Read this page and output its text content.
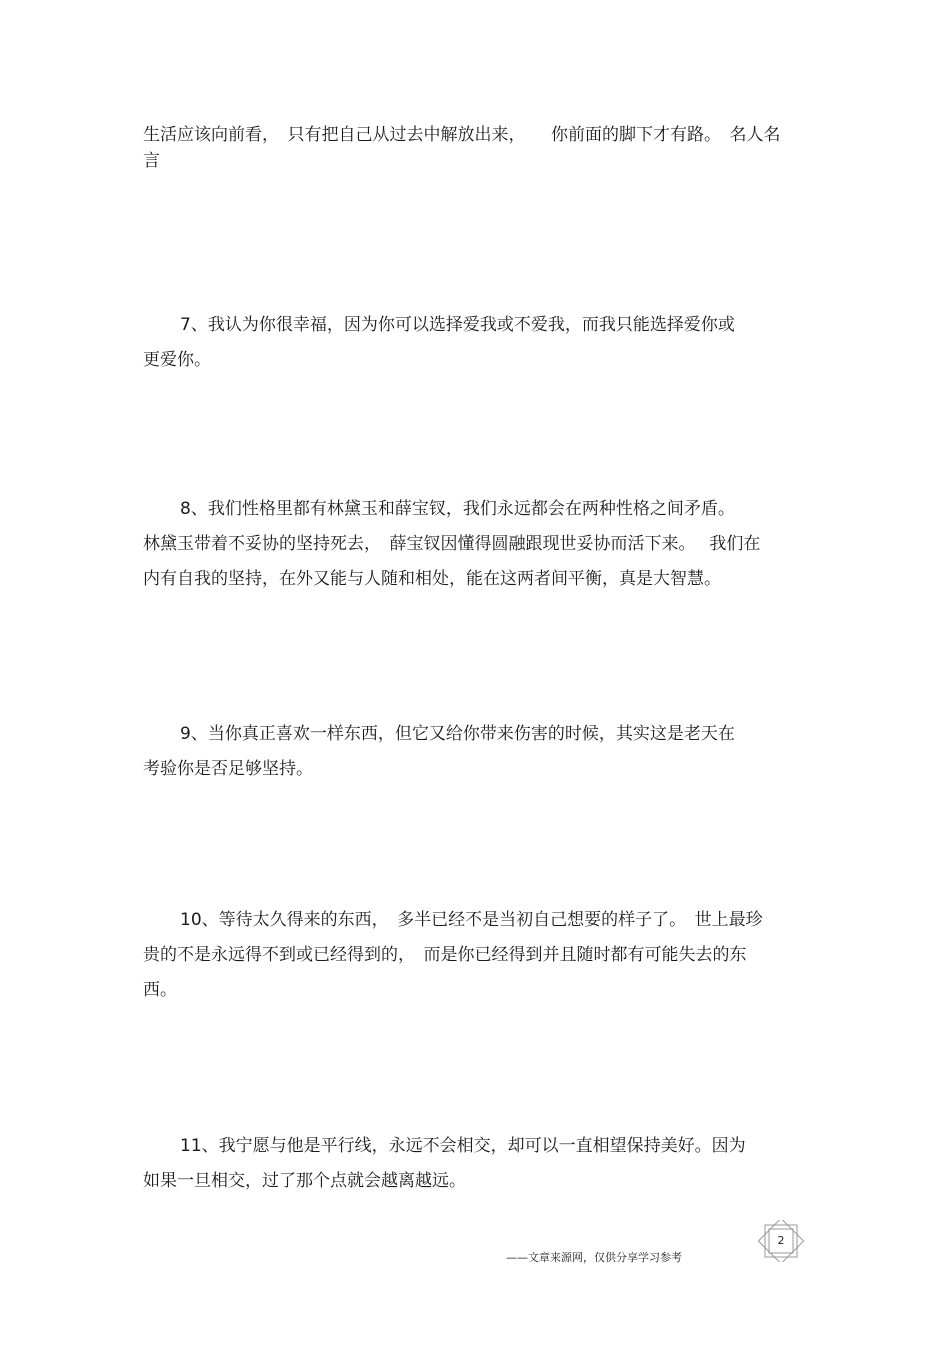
生活应该向前看，　只有把自己从过去中解放出来，　　你前面的脚下才有路。　名人名
言
7、我认为你很幸福，因为你可以选择爱我或不爱我，而我只能选择爱你或
更爱你。
8、我们性格里都有林黛玉和薛宝钗，我们永远都会在两种性格之间矛盾。
林黛玉带着不妥协的坚持死去，　薛宝钗因懂得圆融跟现世妥协而活下来。　 我们在
内有自我的坚持，在外又能与人随和相处，能在这两者间平衡，真是大智慧。
9、当你真正喜欢一样东西，但它又给你带来伤害的时候，其实这是老天在
考验你是否足够坚持。
10、等待太久得来的东西，　多半已经不是当初自己想要的样子了。　世上最珍
贵的不是永远得不到或已经得到的，　而是你已经得到并且随时都有可能失去的东
西。
11、我宁愿与他是平行线，永远不会相交，却可以一直相望保持美好。因为
如果一旦相交，过了那个点就会越离越远。
——文章来源网，仅供分享学习参考
2
